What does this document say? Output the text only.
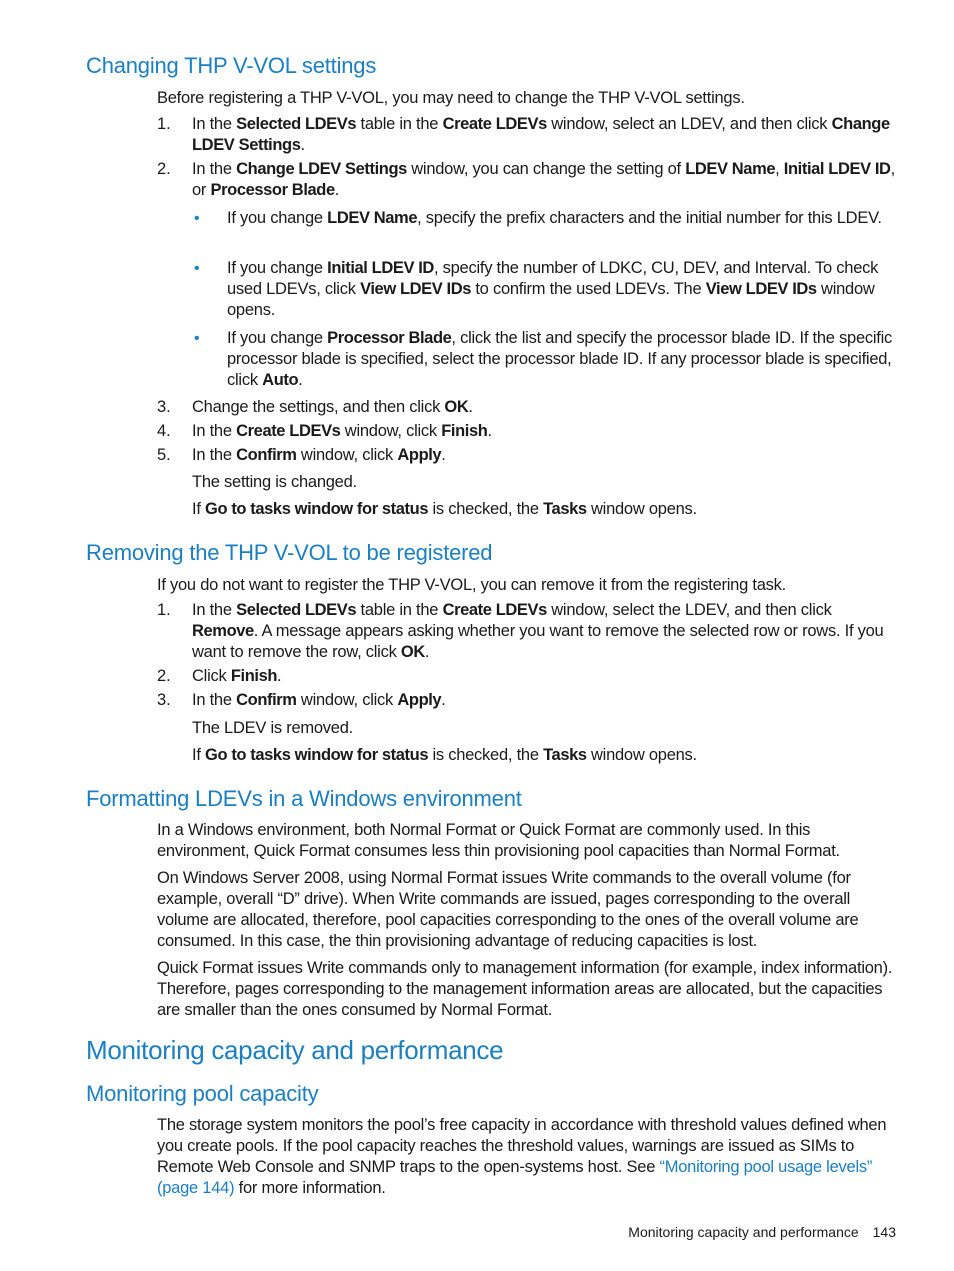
Changing THP V-VOL settings

Before registering a THP V-VOL, you may need to change the THP V-VOL settings.

1. In the Selected LDEVs table in the Create LDEVs window, select an LDEV, and then click Change LDEV Settings.

2. In the Change LDEV Settings window, you can change the setting of LDEV Name, Initial LDEV ID, or Processor Blade.

• If you change LDEV Name, specify the prefix characters and the initial number for this LDEV.

• If you change Initial LDEV ID, specify the number of LDKC, CU, DEV, and Interval. To check used LDEVs, click View LDEV IDs to confirm the used LDEVs. The View LDEV IDs window opens.

• If you change Processor Blade, click the list and specify the processor blade ID. If the specific processor blade is specified, select the processor blade ID. If any processor blade is specified, click Auto.

3. Change the settings, and then click OK.

4. In the Create LDEVs window, click Finish.

5. In the Confirm window, click Apply.

The setting is changed.

If Go to tasks window for status is checked, the Tasks window opens.

Removing the THP V-VOL to be registered

If you do not want to register the THP V-VOL, you can remove it from the registering task.

1. In the Selected LDEVs table in the Create LDEVs window, select the LDEV, and then click Remove. A message appears asking whether you want to remove the selected row or rows. If you want to remove the row, click OK.

2. Click Finish.

3. In the Confirm window, click Apply.

The LDEV is removed.

If Go to tasks window for status is checked, the Tasks window opens.

Formatting LDEVs in a Windows environment

In a Windows environment, both Normal Format or Quick Format are commonly used. In this environment, Quick Format consumes less thin provisioning pool capacities than Normal Format.

On Windows Server 2008, using Normal Format issues Write commands to the overall volume (for example, overall “D” drive). When Write commands are issued, pages corresponding to the overall volume are allocated, therefore, pool capacities corresponding to the ones of the overall volume are consumed. In this case, the thin provisioning advantage of reducing capacities is lost.

Quick Format issues Write commands only to management information (for example, index information). Therefore, pages corresponding to the management information areas are allocated, but the capacities are smaller than the ones consumed by Normal Format.

Monitoring capacity and performance
Monitoring pool capacity

The storage system monitors the pool’s free capacity in accordance with threshold values defined when you create pools. If the pool capacity reaches the threshold values, warnings are issued as SIMs to Remote Web Console and SNMP traps to the open-systems host. See “Monitoring pool usage levels” (page 144) for more information.

Monitoring capacity and performance 143
